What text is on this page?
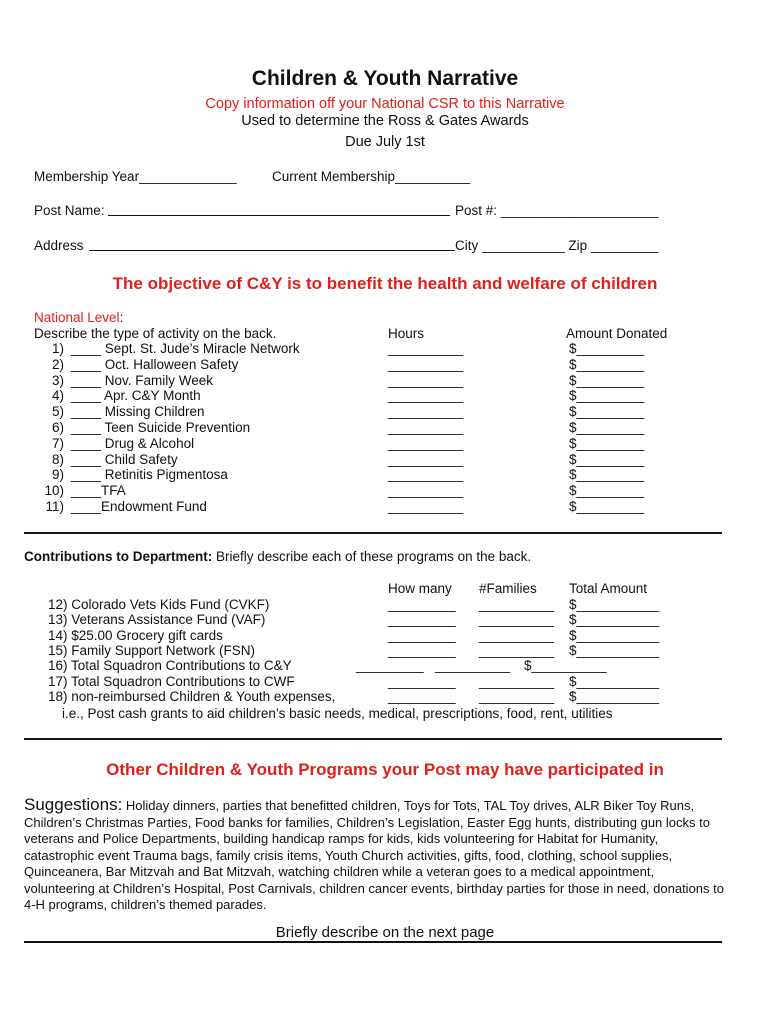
Children & Youth Narrative
Copy information off your National CSR to this Narrative
Used to determine the Ross & Gates Awards
Due July 1st
Membership Year_____________	Current Membership__________
Post Name:	Post #: _____________________
Address	City ___________ Zip _________
The objective of C&Y is to benefit the health and welfare of children
National Level:
Describe the type of activity on the back.	Hours	Amount Donated
1) ____ Sept. St. Jude’s Miracle Network	__________	$_________
2) ____ Oct. Halloween Safety	__________	$_________
3) ____ Nov. Family Week	__________	$_________
4) ____ Apr. C&Y Month	__________	$_________
5) ____ Missing Children	__________	$_________
6) ____ Teen Suicide Prevention	__________	$_________
7) ____ Drug & Alcohol	__________	$_________
8) ____ Child Safety	__________	$_________
9) ____ Retinitis Pigmentosa	__________	$_________
10) ____TFA	__________	$_________
11) ____Endowment Fund	__________	$_________
Contributions to Department: Briefly describe each of these programs on the back.
How many #Families Total Amount
12) Colorado Vets Kids Fund (CVKF)	_________ __________ $___________
13) Veterans Assistance Fund (VAF)	_________ __________ $___________
14) $25.00 Grocery gift cards	_________ __________ $___________
15) Family Support Network (FSN)	_________ __________ $___________
16) Total Squadron Contributions to C&Y	_________ __________ $__________
17) Total Squadron Contributions to CWF	_________ __________ $___________
18) non-reimbursed Children & Youth expenses,	_________ __________ $___________
i.e., Post cash grants to aid children’s basic needs, medical, prescriptions, food, rent, utilities
Other Children & Youth Programs your Post may have participated in
Suggestions: Holiday dinners, parties that benefitted children, Toys for Tots, TAL Toy drives, ALR Biker Toy Runs, Children’s Christmas Parties, Food banks for families, Children’s Legislation, Easter Egg hunts, distributing gun locks to veterans and Police Departments, building handicap ramps for kids, kids volunteering for Habitat for Humanity, catastrophic event Trauma bags, family crisis items, Youth Church activities, gifts, food, clothing, school supplies, Quinceanera, Bar Mitzvah and Bat Mitzvah, watching children while a veteran goes to a medical appointment, volunteering at Children’s Hospital, Post Carnivals, children cancer events, birthday parties for those in need, donations to 4-H programs, children’s themed parades.
Briefly describe on the next page
